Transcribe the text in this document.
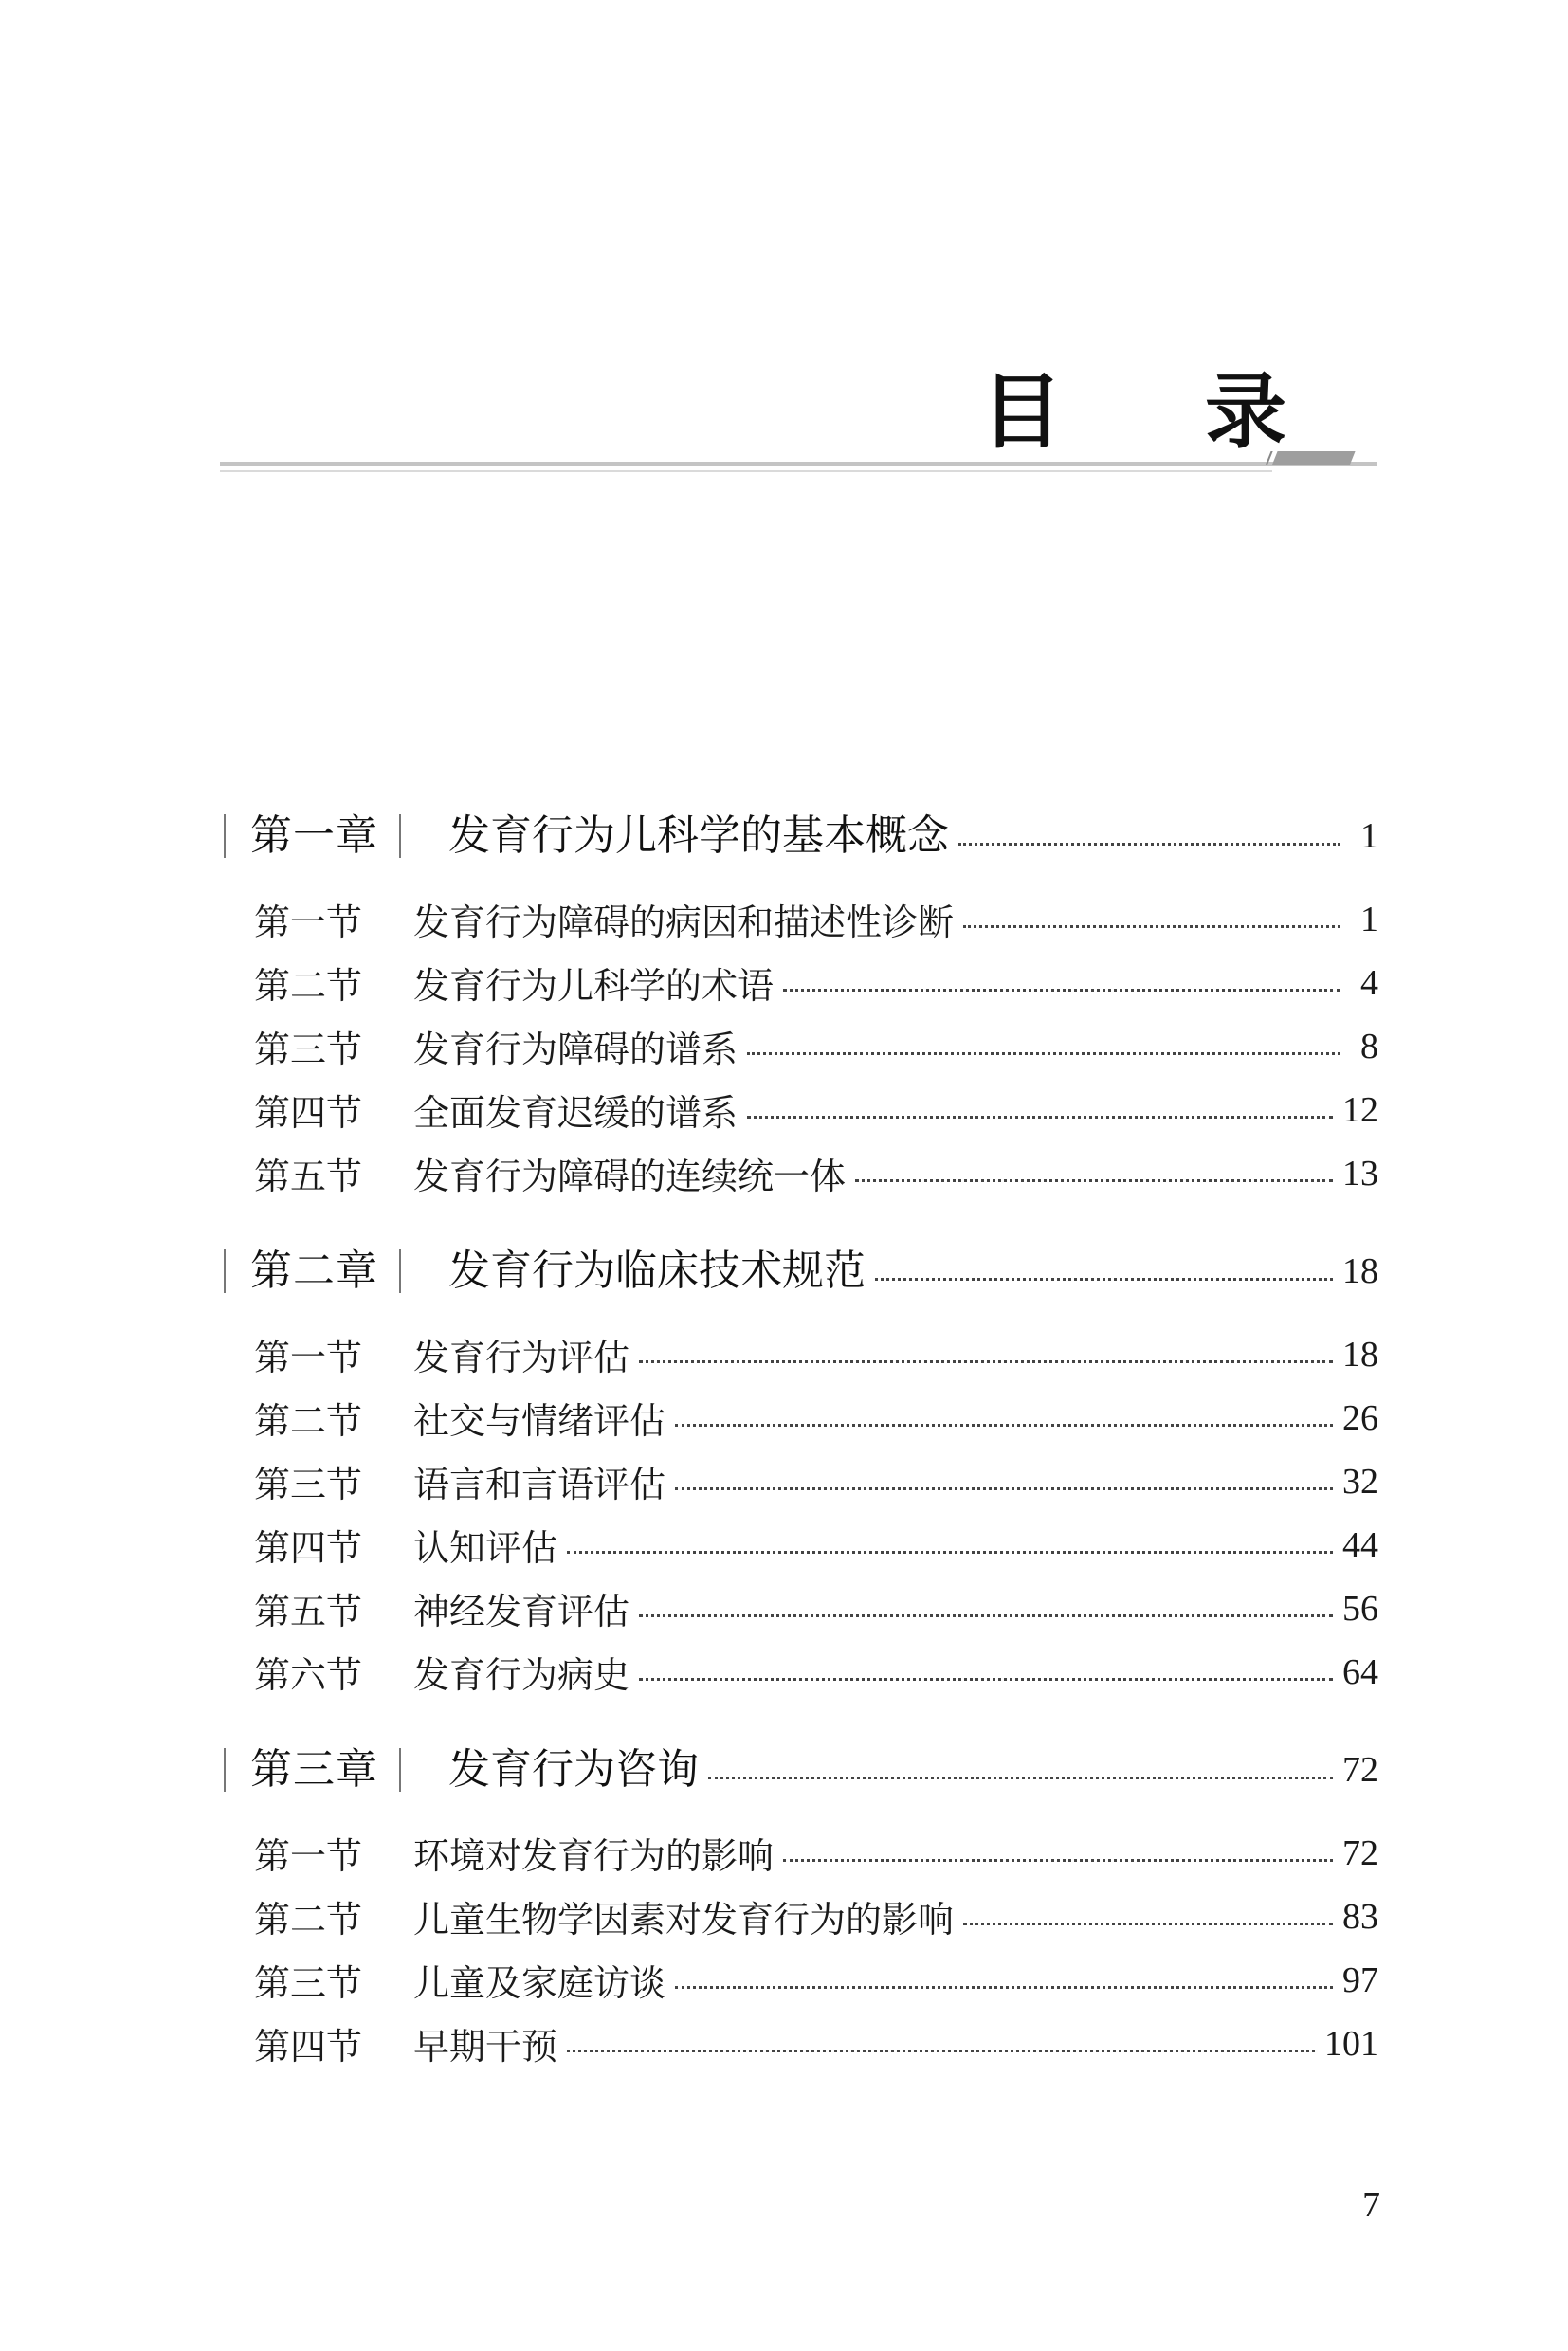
目 录
第一章 发育行为儿科学的基本概念	1
第一节	发育行为障碍的病因和描述性诊断	1
第二节	发育行为儿科学的术语	4
第三节	发育行为障碍的谱系	8
第四节	全面发育迟缓的谱系	12
第五节	发育行为障碍的连续统一体	13
第二章 发育行为临床技术规范	18
第一节	发育行为评估	18
第二节	社交与情绪评估	26
第三节	语言和言语评估	32
第四节	认知评估	44
第五节	神经发育评估	56
第六节	发育行为病史	64
第三章 发育行为咨询	72
第一节	环境对发育行为的影响	72
第二节	儿童生物学因素对发育行为的影响	83
第三节	儿童及家庭访谈	97
第四节	早期干预	101
7
